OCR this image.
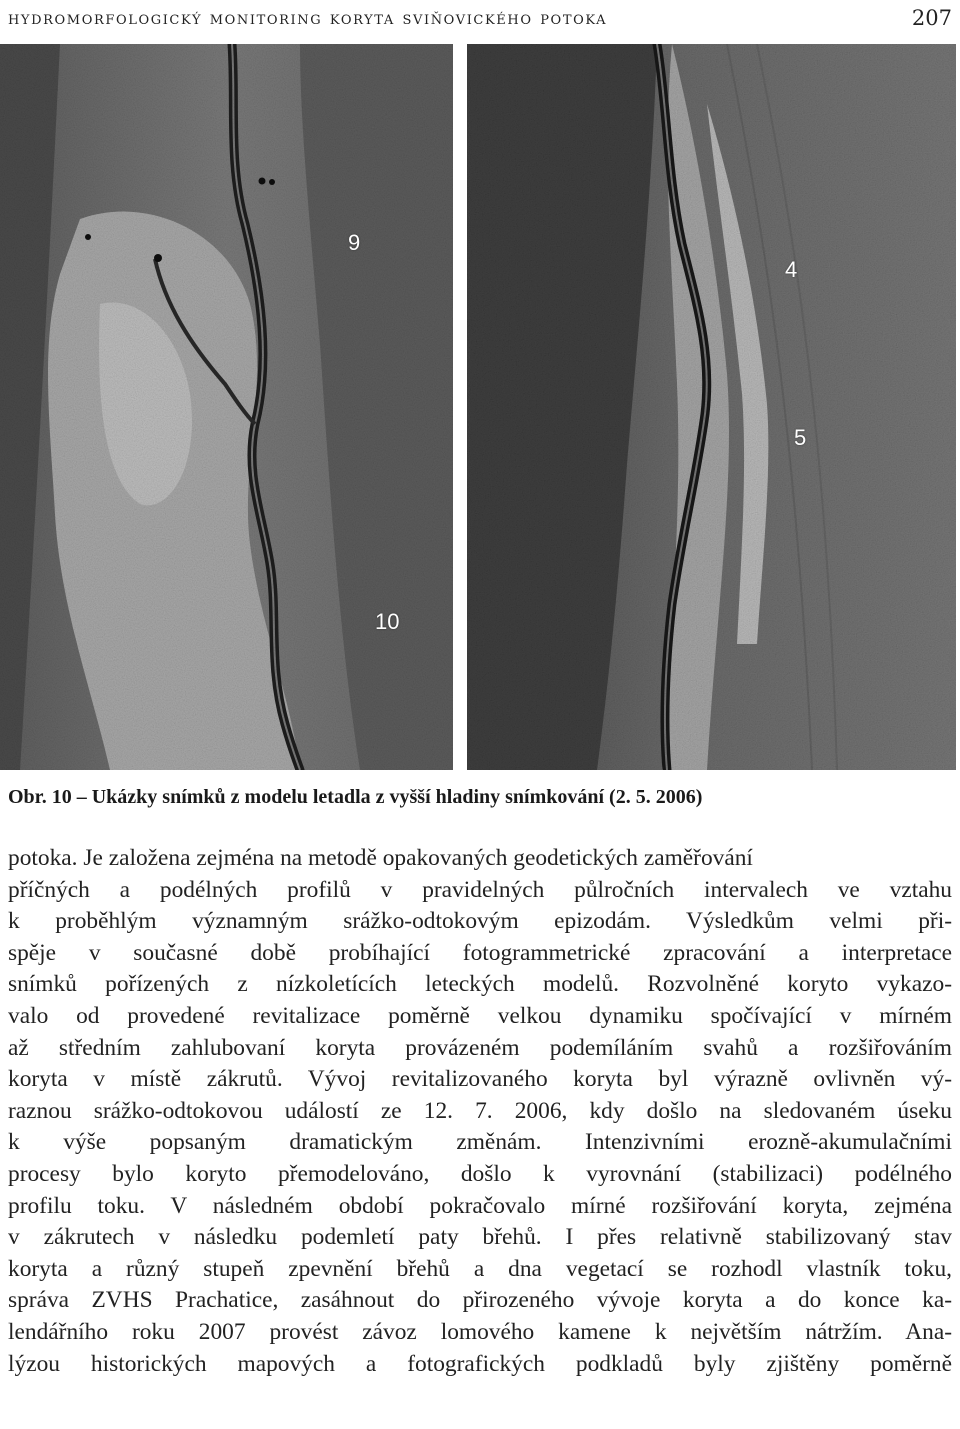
hydromorfologický monitoring koryta sviňovického potoka	207
9
10
4
5
Obr. 10 – Ukázky snímků z modelu letadla z vyšší hladiny snímkování (2. 5. 2006)
potoka. Je založena zejména na metodě opakovaných geodetických zaměřování
příčných a podélných profilů v pravidelných půlročních intervalech ve vztahu
k proběhlým významným srážko-odtokovým epizodám. Výsledkům velmi při-
spěje v současné době probíhající fotogrammetrické zpracování a interpretace
snímků pořízených z nízkoletících leteckých modelů. Rozvolněné koryto vykazo-
valo od provedené revitalizace poměrně velkou dynamiku spočívající v mírném
až středním zahlubovaní koryta provázeném podemíláním svahů a rozšiřováním
koryta v místě zákrutů. Vývoj revitalizovaného koryta byl výrazně ovlivněn vý-
raznou srážko-odtokovou událostí ze 12. 7. 2006, kdy došlo na sledovaném úseku
k výše popsaným dramatickým změnám. Intenzivními erozně-akumulačními
procesy bylo koryto přemodelováno, došlo k vyrovnání (stabilizaci) podélného
profilu toku. V následném období pokračovalo mírné rozšiřování koryta, zejména
v zákrutech v následku podemletí paty břehů. I přes relativně stabilizovaný stav
koryta a různý stupeň zpevnění břehů a dna vegetací se rozhodl vlastník toku,
správa ZVHS Prachatice, zasáhnout do přirozeného vývoje koryta a do konce ka-
lendářního roku 2007 provést závoz lomového kamene k největším nátržím. Ana-
lýzou historických mapových a fotografických podkladů byly zjištěny poměrně
